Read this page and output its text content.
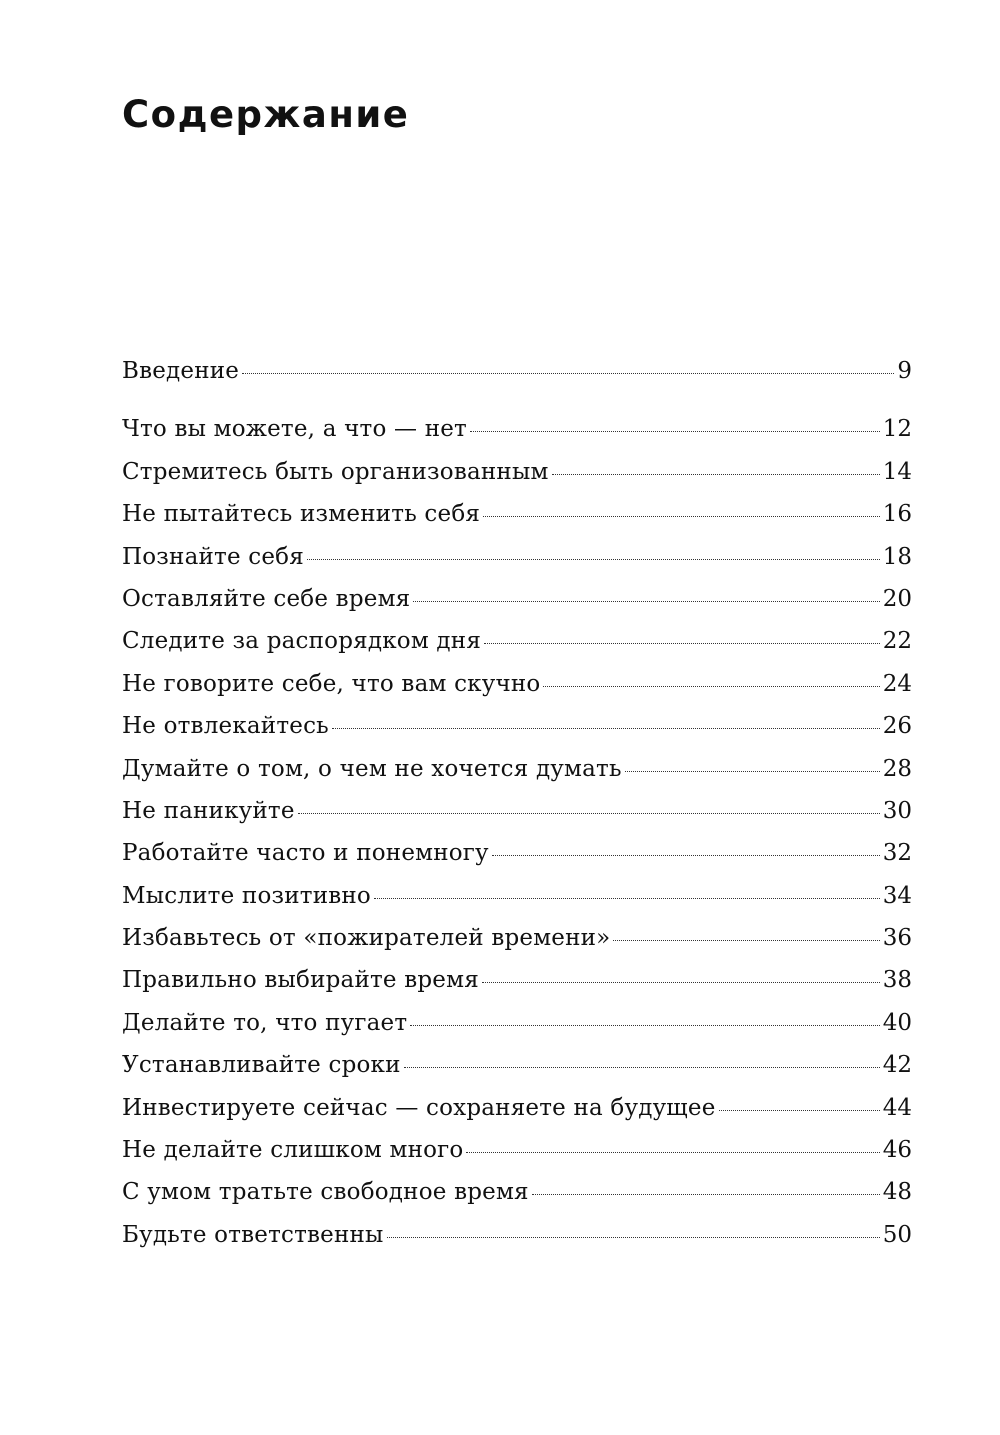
Содержание
Введение	9
Что вы можете, а что — нет	12
Стремитесь быть организованным	14
Не пытайтесь изменить себя	16
Познайте себя	18
Оставляйте себе время	20
Следите за распорядком дня	22
Не говорите себе, что вам скучно	24
Не отвлекайтесь	26
Думайте о том, о чем не хочется думать	28
Не паникуйте	30
Работайте часто и понемногу	32
Мыслите позитивно	34
Избавьтесь от «пожирателей времени»	36
Правильно выбирайте время	38
Делайте то, что пугает	40
Устанавливайте сроки	42
Инвестируете сейчас — сохраняете на будущее	44
Не делайте слишком много	46
С умом тратьте свободное время	48
Будьте ответственны	50
